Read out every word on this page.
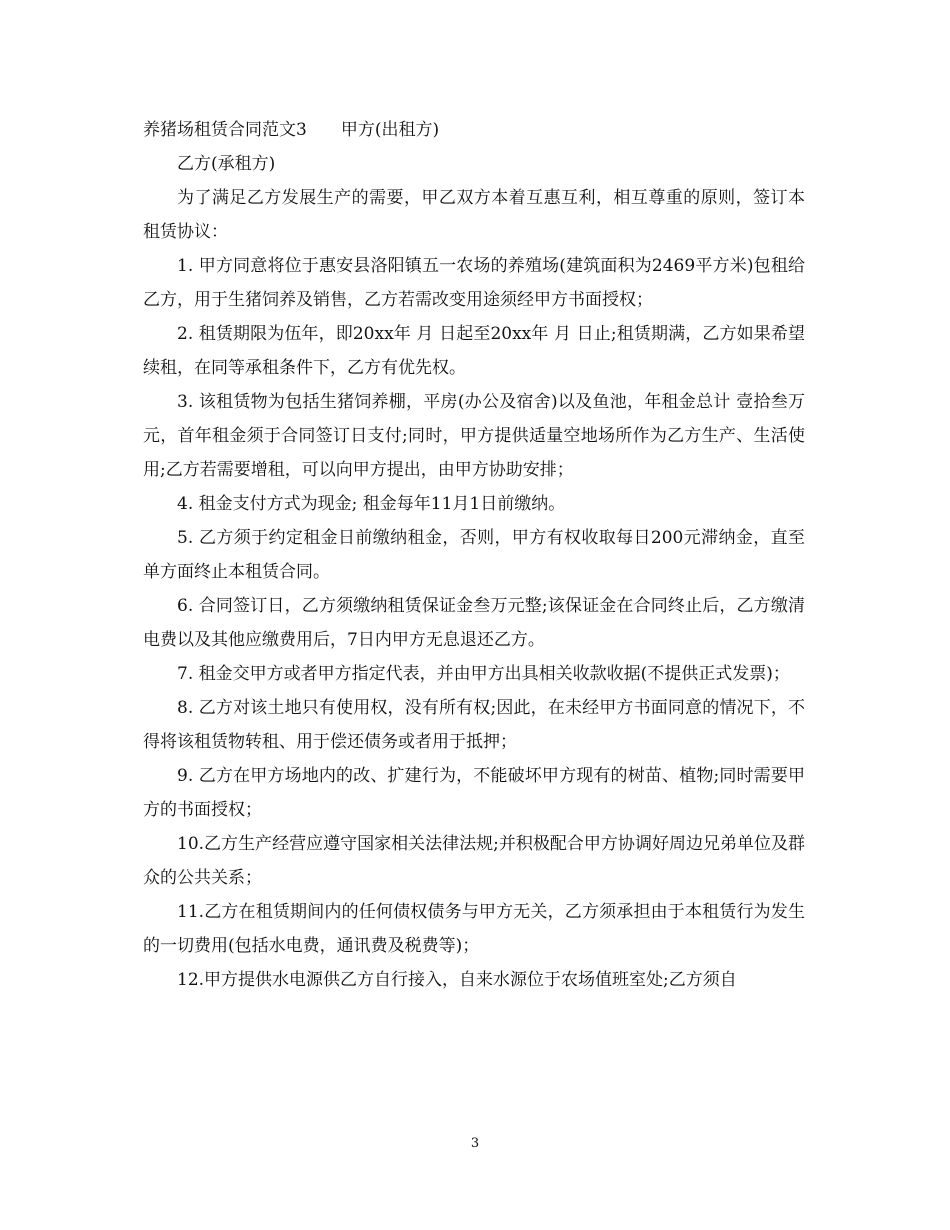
养猪场租赁合同范文3 甲方(出租方)

乙方(承租方)

为了满足乙方发展生产的需要，甲乙双方本着互惠互利，相互尊重的原则，签订本租赁协议：

1. 甲方同意将位于惠安县洛阳镇五一农场的养殖场(建筑面积为2469平方米)包租给乙方，用于生猪饲养及销售，乙方若需改变用途须经甲方书面授权；

2. 租赁期限为伍年，即20xx年 月 日起至20xx年 月 日止;租赁期满，乙方如果希望续租，在同等承租条件下，乙方有优先权。

3. 该租赁物为包括生猪饲养棚，平房(办公及宿舍)以及鱼池，年租金总计 壹拾叁万 元，首年租金须于合同签订日支付;同时，甲方提供适量空地场所作为乙方生产、生活使用;乙方若需要增租，可以向甲方提出，由甲方协助安排；

4. 租金支付方式为现金; 租金每年11月1日前缴纳。

5. 乙方须于约定租金日前缴纳租金，否则，甲方有权收取每日200元滞纳金，直至单方面终止本租赁合同。

6. 合同签订日，乙方须缴纳租赁保证金叁万元整;该保证金在合同终止后，乙方缴清电费以及其他应缴费用后，7日内甲方无息退还乙方。

7. 租金交甲方或者甲方指定代表，并由甲方出具相关收款收据(不提供正式发票)；

8. 乙方对该土地只有使用权，没有所有权;因此，在未经甲方书面同意的情况下，不得将该租赁物转租、用于偿还债务或者用于抵押；

9. 乙方在甲方场地内的改、扩建行为，不能破坏甲方现有的树苗、植物;同时需要甲方的书面授权；

10.乙方生产经营应遵守国家相关法律法规;并积极配合甲方协调好周边兄弟单位及群众的公共关系；

11.乙方在租赁期间内的任何债权债务与甲方无关，乙方须承担由于本租赁行为发生的一切费用(包括水电费，通讯费及税费等)；

12.甲方提供水电源供乙方自行接入，自来水源位于农场值班室处;乙方须自

3
